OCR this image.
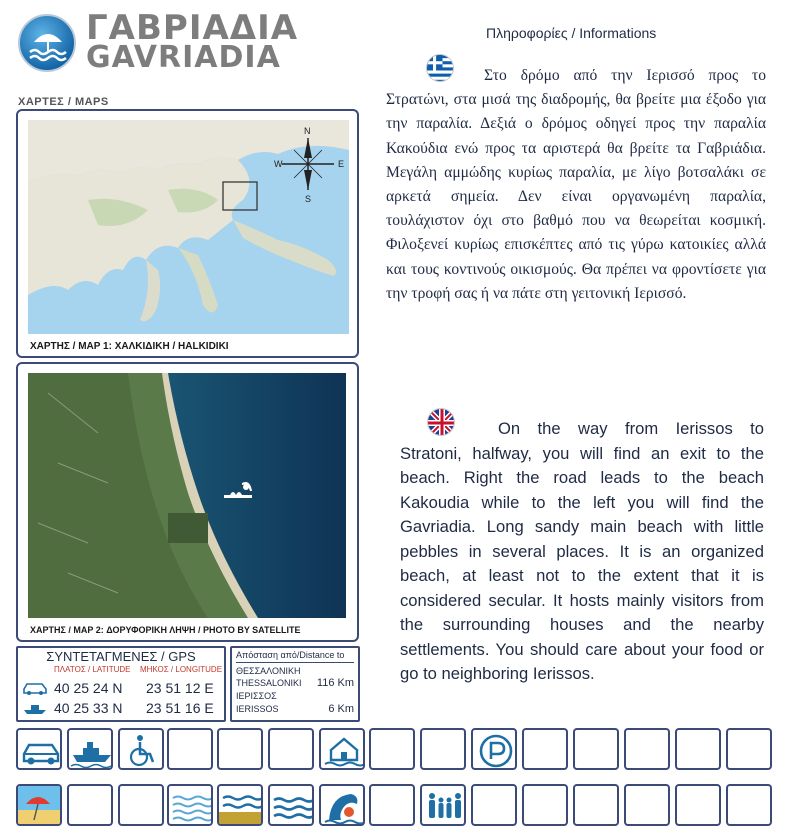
ΓΑΒΡΙΑΔΙΑ
GAVRIADIA
ΧΑΡΤΕΣ / MAPS
N
S
E
W
ΧΑΡΤΗΣ / MAP 1: ΧΑΛΚΙΔΙΚΗ / HALKIDIKI
ΧΑΡΤΗΣ / MAP 2: ΔΟΡΥΦΟΡΙΚΗ ΛΗΨΗ / PHOTO BY SATELLITE
ΣΥΝΤΕΤΑΓΜΕΝΕΣ / GPS
ΠΛΑΤΟΣ / LATITUDE ΜΗΚΟΣ / LONGITUDE
40 25 24 N 23 51 12 E
40 25 33 N 23 51 16 E
Απόσταση από/Distance to
ΘΕΣΣΑΛΟΝΙΚΗ
THESSALONIKI 116 Km
ΙΕΡΙΣΣΟΣ
IERISSOS	6 Km
Πληροφορίες / Informations
Στο δρόμο από την Ιερισσό προς το Στρατώνι, στα μισά της διαδρομής, θα βρείτε μια έξοδο για την παραλία. Δεξιά ο δρόμος οδηγεί προς την παραλία Κακούδια ενώ προς τα αριστερά θα βρείτε τα Γαβριάδια. Μεγάλη αμμώδης κυρίως παραλία, με λίγο βοτσαλάκι σε αρκετά σημεία. Δεν είναι οργανωμένη παραλία, τουλάχιστον όχι στο βαθμό που να θεωρείται κοσμική. Φιλοξενεί κυρίως επισκέπτες από τις γύρω κατοικίες αλλά και τους κοντινούς οικισμούς. Θα πρέπει να φροντίσετε για την τροφή σας ή να πάτε στη γειτονική Ιερισσό.
On the way from Ierissos to Stratoni, halfway, you will find an exit to the beach. Right the road leads to the beach Kakoudia while to the left you will find the Gavriadia. Long sandy main beach with little pebbles in several places. It is an organized beach, at least not to the extent that it is considered secular. It hosts mainly visitors from the surrounding houses and the nearby settlements. You should care about your food or go to neighboring Ierissos.
